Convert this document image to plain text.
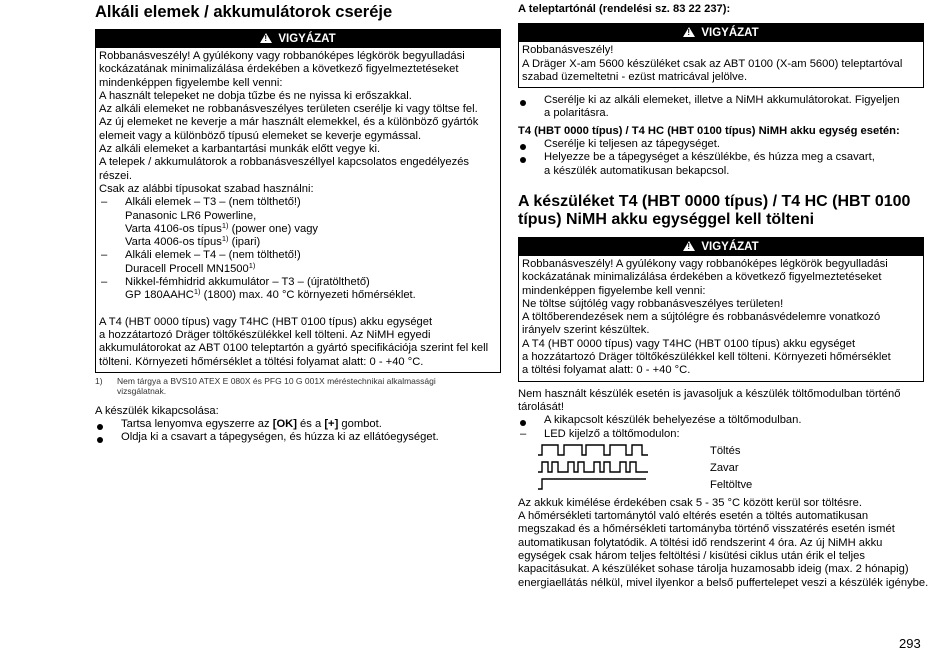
Alkáli elemek / akkumulátorok cseréje
!VIGYÁZAT
Robbanásveszély! A gyúlékony vagy robbanóképes légkörök begyulladási
kockázatának minimalizálása érdekében a következő figyelmeztetéseket
mindenképpen figyelembe kell venni:
A használt telepeket ne dobja tűzbe és ne nyissa ki erőszakkal.
Az alkáli elemeket ne robbanásveszélyes területen cserélje ki vagy töltse fel.
Az új elemeket ne keverje a már használt elemekkel, és a különböző gyártók
elemeit vagy a különböző típusú elemeket se keverje egymással.
Az alkáli elemeket a karbantartási munkák előtt vegye ki.
A telepek / akkumulátorok a robbanásveszéllyel kapcsolatos engedélyezés
részei.
Csak az alábbi típusokat szabad használni:
– Alkáli elemek – T3 – (nem tölthető!)
Panasonic LR6 Powerline,
Varta 4106-os típus$^{1)}$ (power one) vagy
Varta 4006-os típus$^{1)}$ (ipari)
– Alkáli elemek – T4 – (nem tölthető!)
Duracell Procell MN1500$^{1)}$
– Nikkel-fémhidrid akkumulátor – T3 – (újratölthető)
GP 180AAHC$^{1)}$ (1800) max. 40 °C környezeti hőmérséklet.
A T4 (HBT 0000 típus) vagy T4HC (HBT 0100 típus) akku egységet
a hozzátartozó Dräger töltőkészülékkel kell tölteni. Az NiMH egyedi
akkumulátorokat az ABT 0100 teleptartón a gyártó specifikációja szerint fel kell
tölteni. Környezeti hőmérséklet a töltési folyamat alatt: 0 - +40 °C.
1) Nem tárgya a BVS10 ATEX E 080X és PFG 10 G 001X méréstechnikai alkalmassági
vizsgálatnak.
A készülék kikapcsolása:
Tartsa lenyomva egyszerre az [OK] és a [+] gombot.
Oldja ki a csavart a tápegységen, és húzza ki az ellátóegységet.
A teleptartónál (rendelési sz. 83 22 237):
!VIGYÁZAT
Robbanásveszély!
A Dräger X-am 5600 készüléket csak az ABT 0100 (X-am 5600) teleptartóval
szabad üzemeltetni - ezüst matricával jelölve.
Cserélje ki az alkáli elemeket, illetve a NiMH akkumulátorokat. Figyeljen
a polaritásra.
T4 (HBT 0000 típus) / T4 HC (HBT 0100 típus) NiMH akku egység esetén:
Cserélje ki teljesen az tápegységet.
Helyezze be a tápegységet a készülékbe, és húzza meg a csavart,
a készülék automatikusan bekapcsol.
A készüléket T4 (HBT 0000 típus) / T4 HC (HBT 0100
típus) NiMH akku egységgel kell tölteni
!VIGYÁZAT
Robbanásveszély! A gyúlékony vagy robbanóképes légkörök begyulladási
kockázatának minimalizálása érdekében a következő figyelmeztetéseket
mindenképpen figyelembe kell venni:
Ne töltse sújtólég vagy robbanásveszélyes területen!
A töltőberendezések nem a sújtólégre és robbanásvédelemre vonatkozó
irányelv szerint készültek.
A T4 (HBT 0000 típus) vagy T4HC (HBT 0100 típus) akku egységet
a hozzátartozó Dräger töltőkészülékkel kell tölteni. Környezeti hőmérséklet
a töltési folyamat alatt: 0 - +40 °C.
Nem használt készülék esetén is javasoljuk a készülék töltőmodulban történő
tárolását!
A kikapcsolt készülék behelyezése a töltőmodulban.
– LED kijelző a töltőmodulon:
Töltés
Zavar
Feltöltve
Az akkuk kimélése érdekében csak 5 - 35 °C között kerül sor töltésre.
A hőmérsékleti tartománytól való eltérés esetén a töltés automatikusan
megszakad és a hőmérsékleti tartományba történő visszatérés esetén ismét
automatikusan folytatódik. A töltési idő rendszerint 4 óra. Az új NiMH akku
egységek csak három teljes feltöltési / kisütési ciklus után érik el teljes
kapacitásukat. A készüléket sohase tárolja huzamosabb ideig (max. 2 hónapig)
energiaellátás nélkül, mivel ilyenkor a belső puffertelepet veszi a készülék igénybe.
293
